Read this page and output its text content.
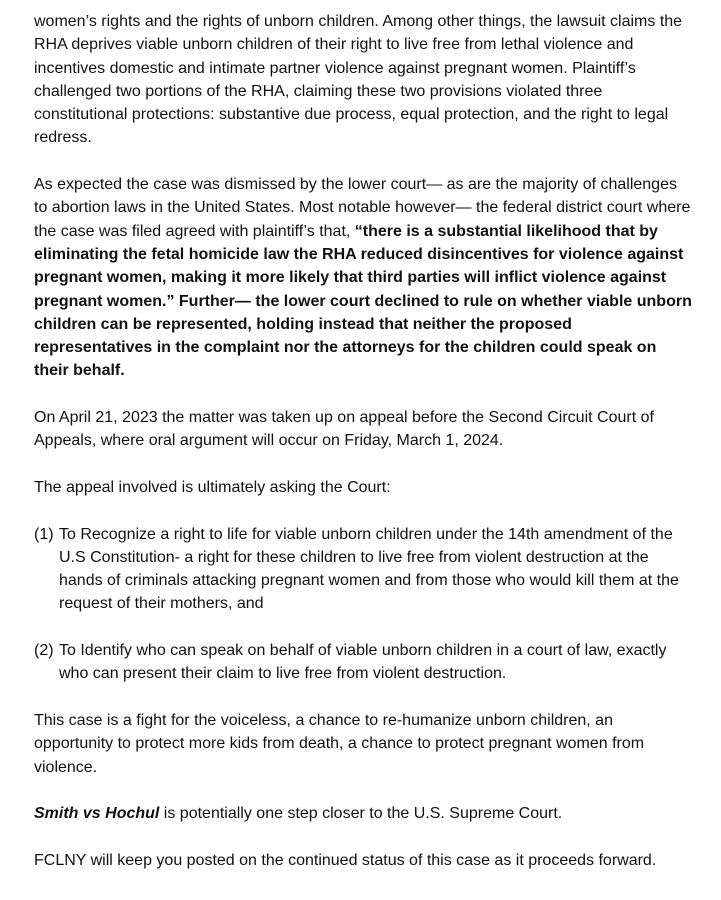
women’s rights and the rights of unborn children. Among other things, the lawsuit claims the RHA deprives viable unborn children of their right to live free from lethal violence and incentives domestic and intimate partner violence against pregnant women. Plaintiff’s challenged two portions of the RHA, claiming these two provisions violated three constitutional protections: substantive due process, equal protection, and the right to legal redress.

As expected the case was dismissed by the lower court— as are the majority of challenges to abortion laws in the United States. Most notable however— the federal district court where the case was filed agreed with plaintiff’s that, “there is a substantial likelihood that by eliminating the fetal homicide law the RHA reduced disincentives for violence against pregnant women, making it more likely that third parties will inflict violence against pregnant women.” Further— the lower court declined to rule on whether viable unborn children can be represented, holding instead that neither the proposed representatives in the complaint nor the attorneys for the children could speak on their behalf.

On April 21, 2023 the matter was taken up on appeal before the Second Circuit Court of Appeals, where oral argument will occur on Friday, March 1, 2024.

The appeal involved is ultimately asking the Court:

(1) To Recognize a right to life for viable unborn children under the 14th amendment of the U.S Constitution- a right for these children to live free from violent destruction at the hands of criminals attacking pregnant women and from those who would kill them at the request of their mothers, and
(2) To Identify who can speak on behalf of viable unborn children in a court of law, exactly who can present their claim to live free from violent destruction.

This case is a fight for the voiceless, a chance to re-humanize unborn children, an opportunity to protect more kids from death, a chance to protect pregnant women from violence.

Smith vs Hochul is potentially one step closer to the U.S. Supreme Court.

FCLNY will keep you posted on the continued status of this case as it proceeds forward.
